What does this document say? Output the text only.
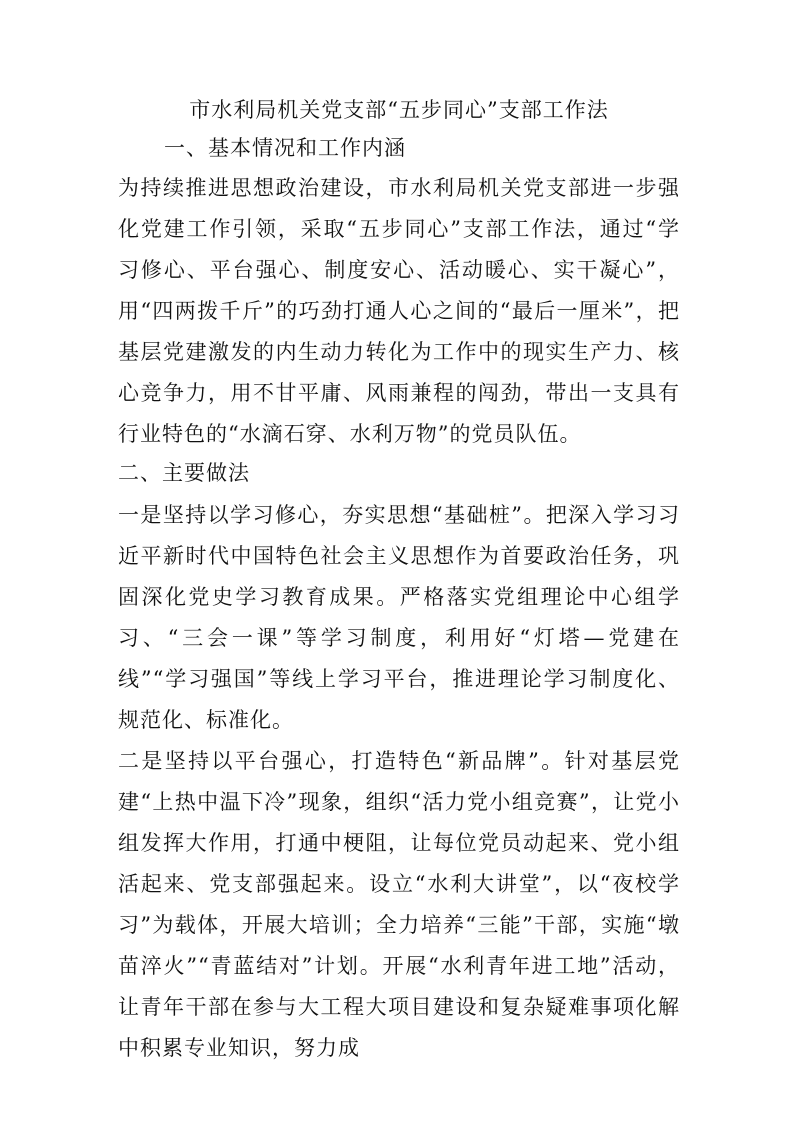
市水利局机关党支部“五步同心”支部工作法
一、基本情况和工作内涵

为持续推进思想政治建设，市水利局机关党支部进一步强化党建工作引领，采取“五步同心”支部工作法，通过“学习修心、平台强心、制度安心、活动暖心、实干凝心”，用“四两拨千斤”的巧劲打通人心之间的“最后一厘米”，把基层党建激发的内生动力转化为工作中的现实生产力、核心竞争力，用不甘平庸、风雨兼程的闯劲，带出一支具有行业特色的“水滴石穿、水利万物”的党员队伍。

二、主要做法

一是坚持以学习修心，夯实思想“基础桩”。把深入学习习近平新时代中国特色社会主义思想作为首要政治任务，巩固深化党史学习教育成果。严格落实党组理论中心组学习、“三会一课”等学习制度，利用好“灯塔—党建在线”“学习强国”等线上学习平台，推进理论学习制度化、规范化、标准化。

二是坚持以平台强心，打造特色“新品牌”。针对基层党建“上热中温下冷”现象，组织“活力党小组竞赛”，让党小组发挥大作用，打通中梗阻，让每位党员动起来、党小组活起来、党支部强起来。设立“水利大讲堂”，以“夜校学习”为载体，开展大培训；全力培养“三能”干部，实施“墩苗淬火”“青蓝结对”计划。开展“水利青年进工地”活动，让青年干部在参与大工程大项目建设和复杂疑难事项化解中积累专业知识，努力成
